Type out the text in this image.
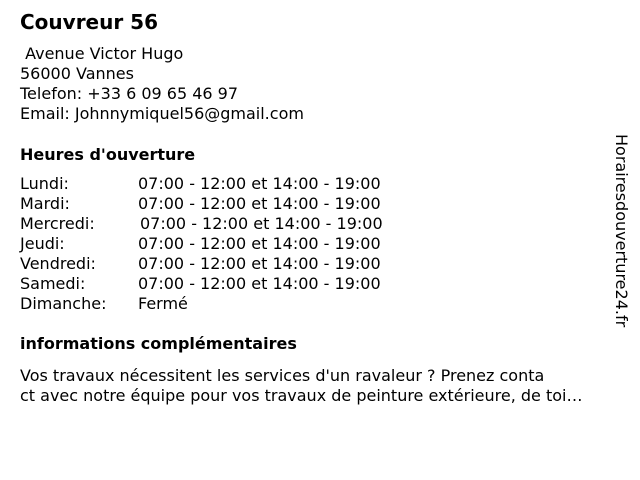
Couvreur 56
Avenue Victor Hugo
56000 Vannes
Telefon: +33 6 09 65 46 97
Email: Johnnymiquel56@gmail.com
Heures d'ouverture
Lundi:	07:00 - 12:00 et 14:00 - 19:00
Mardi:	07:00 - 12:00 et 14:00 - 19:00
Mercredi:	07:00 - 12:00 et 14:00 - 19:00
Jeudi:	07:00 - 12:00 et 14:00 - 19:00
Vendredi:	07:00 - 12:00 et 14:00 - 19:00
Samedi:	07:00 - 12:00 et 14:00 - 19:00
Dimanche: Fermé
informations complémentaires
Vos travaux nécessitent les services d'un ravaleur ? Prenez conta
ct avec notre équipe pour vos travaux de peinture extérieure, de toi…
Horairesdouverture24.fr
